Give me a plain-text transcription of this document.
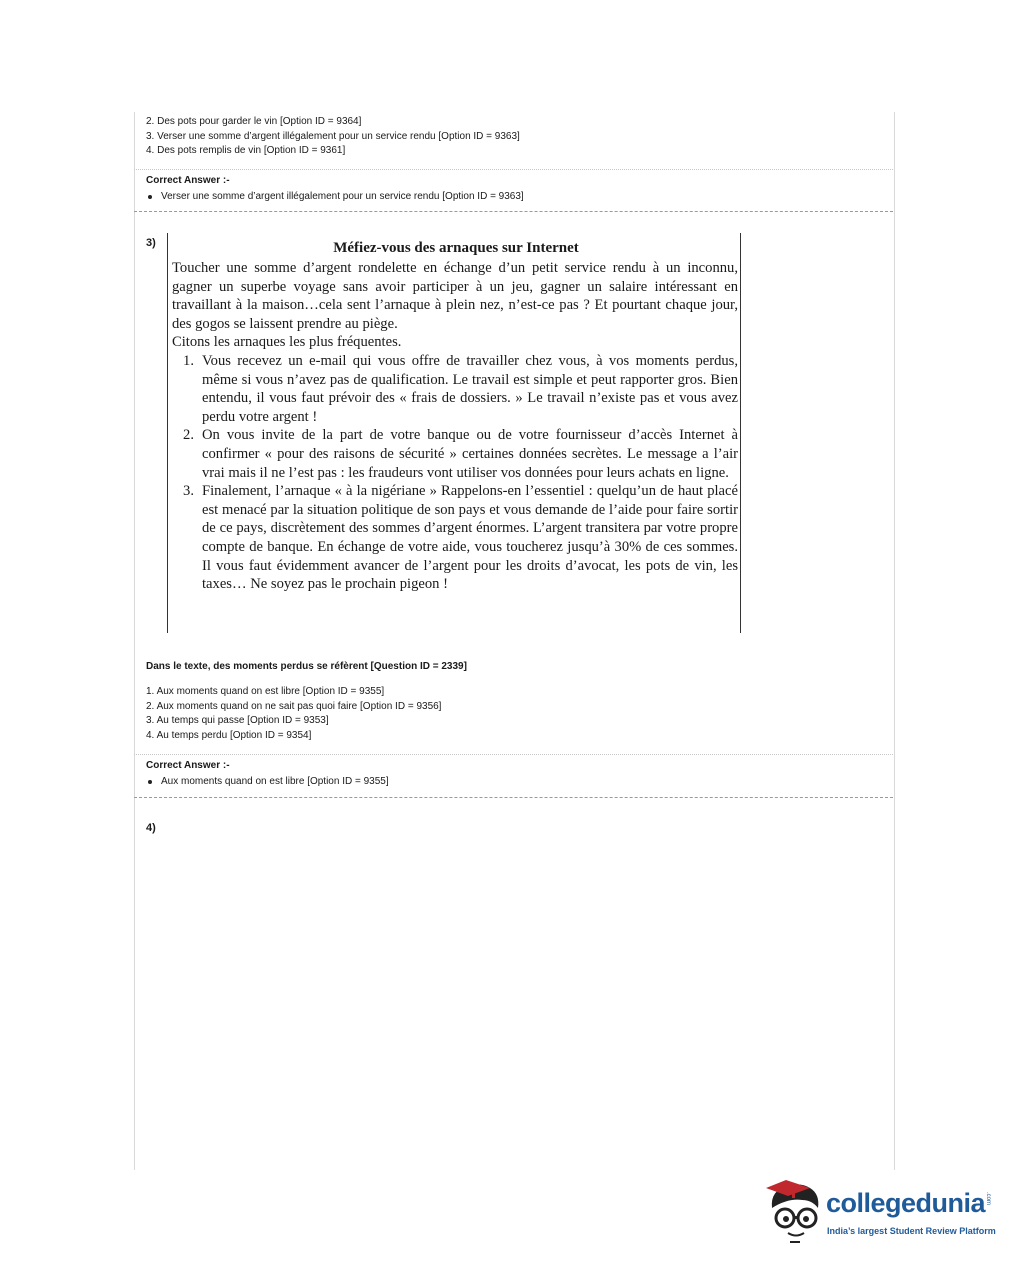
2. Des pots pour garder le vin [Option ID = 9364]
3. Verser une somme d’argent illégalement pour un service rendu [Option ID = 9363]
4. Des pots remplis de vin [Option ID = 9361]
Correct Answer :-
Verser une somme d’argent illégalement pour un service rendu [Option ID = 9363]
3)	Méfiez-vous des arnaques sur Internet

Toucher une somme d’argent rondelette en échange d’un petit service rendu à un inconnu, gagner un superbe voyage sans avoir participer à un jeu, gagner un salaire intéressant en travaillant à la maison…cela sent l’arnaque à plein nez, n’est-ce pas ? Et pourtant chaque jour, des gogos se laissent prendre au piège.

Citons les arnaques les plus fréquentes.

1. Vous recevez un e-mail qui vous offre de travailler chez vous, à vos moments perdus, même si vous n’avez pas de qualification. Le travail est simple et peut rapporter gros. Bien entendu, il vous faut prévoir des « frais de dossiers. » Le travail n’existe pas et vous avez perdu votre argent !
2. On vous invite de la part de votre banque ou de votre fournisseur d’accès Internet à confirmer « pour des raisons de sécurité » certaines données secrètes. Le message a l’air vrai mais il ne l’est pas : les fraudeurs vont utiliser vos données pour leurs achats en ligne.
3. Finalement, l’arnaque « à la nigériane » Rappelons-en l’essentiel : quelqu’un de haut placé est menacé par la situation politique de son pays et vous demande de l’aide pour faire sortir de ce pays, discrètement des sommes d’argent énormes. L’argent transitera par votre propre compte de banque. En échange de votre aide, vous toucherez jusqu’à 30% de ces sommes. Il vous faut évidemment avancer de l’argent pour les droits d’avocat, les pots de vin, les taxes… Ne soyez pas le prochain pigeon !
Dans le texte, des moments perdus se réfèrent [Question ID = 2339]
1. Aux moments quand on est libre [Option ID = 9355]
2. Aux moments quand on ne sait pas quoi faire [Option ID = 9356]
3. Au temps qui passe [Option ID = 9353]
4. Au temps perdu [Option ID = 9354]
Correct Answer :-
Aux moments quand on est libre [Option ID = 9355]
4)
collegedunia .com
India’s largest Student Review Platform
